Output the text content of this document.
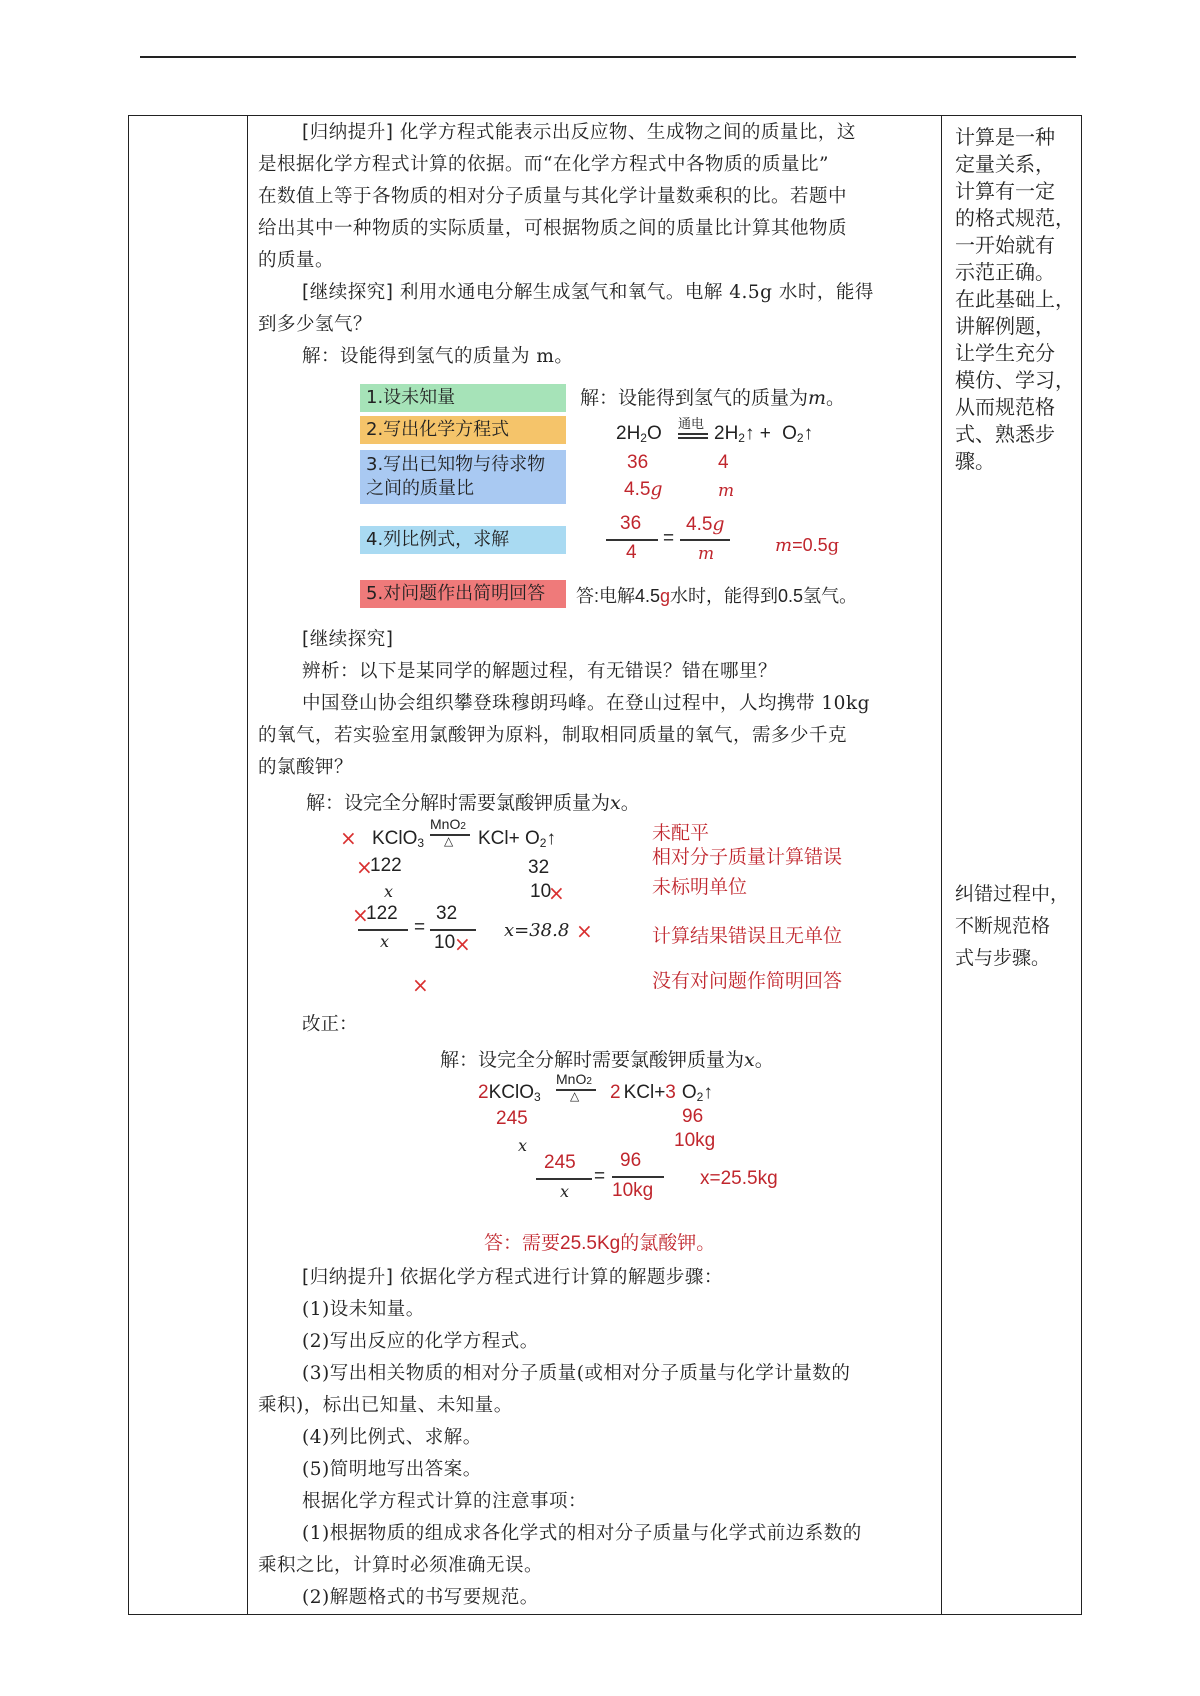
[归纳提升] 化学方程式能表示出反应物、生成物之间的质量比，这
是根据化学方程式计算的依据。而“在化学方程式中各物质的质量比”
在数值上等于各物质的相对分子质量与其化学计量数乘积的比。若题中
给出其中一种物质的实际质量，可根据物质之间的质量比计算其他物质
的质量。
[继续探究] 利用水通电分解生成氢气和氧气。电解 4.5g 水时，能得
到多少氢气？
解：设能得到氢气的质量为 m。
1.设未知量
2.写出化学方程式
3.写出已知物与待求物
之间的质量比
4.列比例式，求解
5.对问题作出简明回答
解：设能得到氢气的质量为m。
$2H_2O$ 通电 $2H_2↑$ + $O_2↑$
36	4
4.5g	m
36
4
=
4.5g
m	m=0.5g
答:电解4.5g水时，能得到0.5氢气。
[继续探究]
辨析：以下是某同学的解题过程，有无错误？错在哪里？
中国登山协会组织攀登珠穆朗玛峰。在登山过程中，人均携带 10kg
的氧气，若实验室用氯酸钾为原料，制取相同质量的氧气，需多少千克
的氯酸钾？
解：设完全分解时需要氯酸钾质量为x。
× KClO$_3$
MnO2
△ $KCl+ O_2↑$
×
122	32
x	10
×
×
122
x
=
32
10
×
x=38.8 ×
×
未配平
相对分子质量计算错误
未标明单位
计算结果错误且无单位
没有对问题作简明回答
改正：
解：设完全分解时需要氯酸钾质量为x。
2KClO$_3$
MnO2
△ 2 KCl+3 $O_2↑$
245	96
x	10kg
245
x
=
96
10kg
x=25.5kg
答：需要25.5Kg的氯酸钾。
[归纳提升] 依据化学方程式进行计算的解题步骤：
(1)设未知量。
(2)写出反应的化学方程式。
(3)写出相关物质的相对分子质量(或相对分子质量与化学计量数的
乘积)，标出已知量、未知量。
(4)列比例式、求解。
(5)简明地写出答案。
根据化学方程式计算的注意事项：
(1)根据物质的组成求各化学式的相对分子质量与化学式前边系数的
乘积之比，计算时必须准确无误。
(2)解题格式的书写要规范。
计算是一种
定量关系，
计算有一定
的格式规范，
一开始就有
示范正确。
在此基础上，
讲解例题，
让学生充分
模仿、学习，
从而规范格
式、熟悉步
骤。
纠错过程中，
不断规范格
式与步骤。
